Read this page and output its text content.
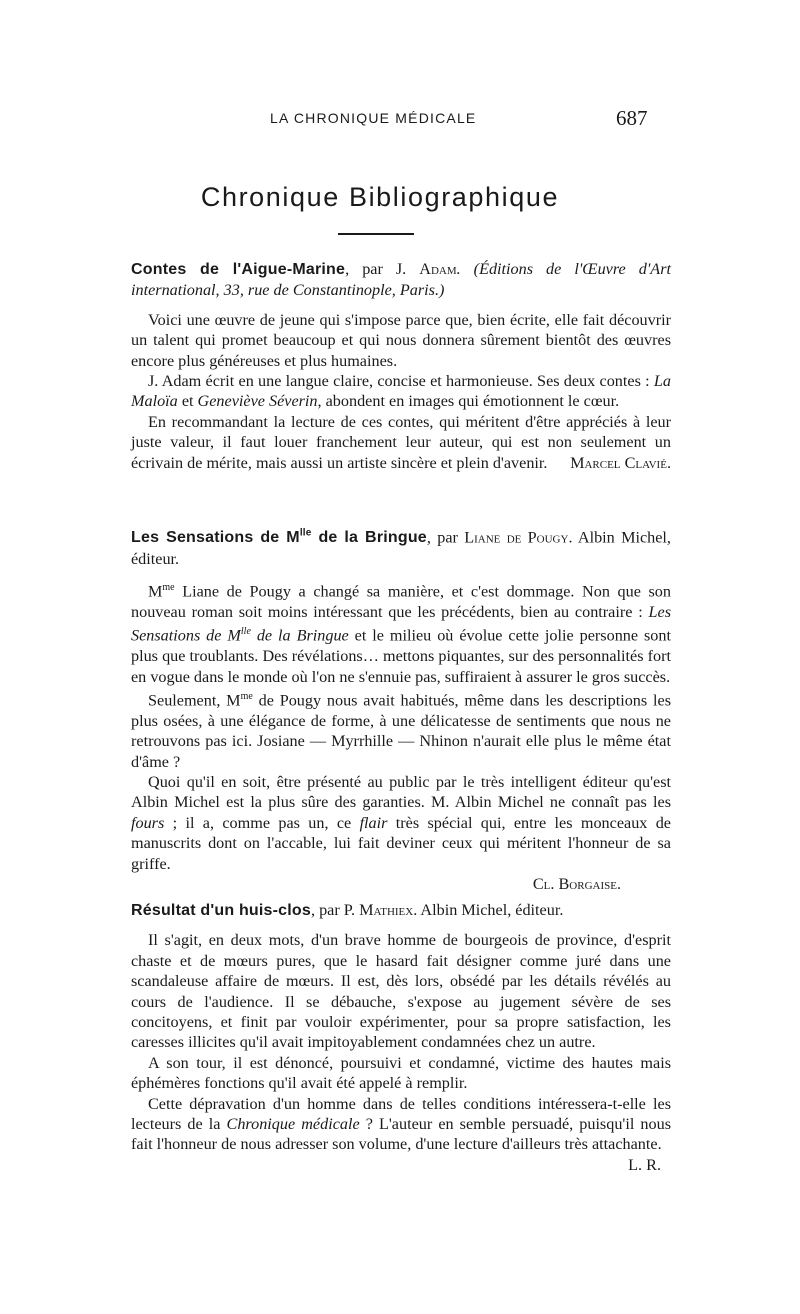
LA CHRONIQUE MÉDICALE	687
Chronique Bibliographique
Contes de l'Aigue-Marine, par J. Adam. (Éditions de l'Œuvre d'Art international, 33, rue de Constantinople, Paris.)

Voici une œuvre de jeune qui s'impose parce que, bien écrite, elle fait découvrir un talent qui promet beaucoup et qui nous donnera sûrement bientôt des œuvres encore plus généreuses et plus humaines.

J. Adam écrit en une langue claire, concise et harmonieuse. Ses deux contes : La Maloïa et Geneviève Séverin, abondent en images qui émotionnent le cœur.

En recommandant la lecture de ces contes, qui méritent d'être appréciés à leur juste valeur, il faut louer franchement leur auteur, qui est non seulement un écrivain de mérite, mais aussi un artiste sincère et plein d'avenir.	Marcel Clavié.

Les Sensations de $M^{lle}$ de la Bringue, par Liane de Pougy. Albin Michel, éditeur.

$M^{me}$ Liane de Pougy a changé sa manière, et c'est dommage. Non que son nouveau roman soit moins intéressant que les précédents, bien au contraire : Les Sensations de $M^{lle}$ de la Bringue et le milieu où évolue cette jolie personne sont plus que troublants. Des révélations… mettons piquantes, sur des personnalités fort en vogue dans le monde où l'on ne s'ennuie pas, suffiraient à assurer le gros succès.

Seulement, $M^{me}$ de Pougy nous avait habitués, même dans les descriptions les plus osées, à une élégance de forme, à une délicatesse de sentiments que nous ne retrouvons pas ici. Josiane — Myrrhille — Nhinon n'aurait elle plus le même état d'âme ?

Quoi qu'il en soit, être présenté au public par le très intelligent éditeur qu'est Albin Michel est la plus sûre des garanties. M. Albin Michel ne connaît pas les fours ; il a, comme pas un, ce flair très spécial qui, entre les monceaux de manuscrits dont on l'accable, lui fait deviner ceux qui méritent l'honneur de sa griffe.

Cl. Borgaise.
Résultat d'un huis-clos, par P. Mathiex. Albin Michel, éditeur.

Il s'agit, en deux mots, d'un brave homme de bourgeois de province, d'esprit chaste et de mœurs pures, que le hasard fait désigner comme juré dans une scandaleuse affaire de mœurs. Il est, dès lors, obsédé par les détails révélés au cours de l'audience. Il se débauche, s'expose au jugement sévère de ses concitoyens, et finit par vouloir expérimenter, pour sa propre satisfaction, les caresses illicites qu'il avait impitoyablement condamnées chez un autre.

A son tour, il est dénoncé, poursuivi et condamné, victime des hautes mais éphémères fonctions qu'il avait été appelé à remplir.

Cette dépravation d'un homme dans de telles conditions intéressera-t-elle les lecteurs de la Chronique médicale ? L'auteur en semble persuadé, puisqu'il nous fait l'honneur de nous adresser son volume, d'une lecture d'ailleurs très attachante.
L. R.
